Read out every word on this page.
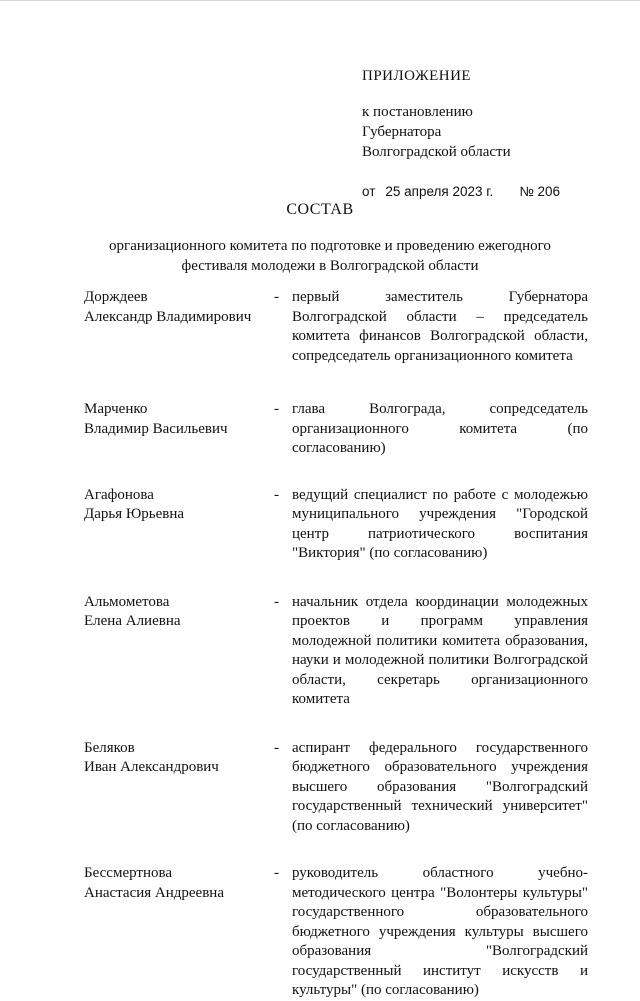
ПРИЛОЖЕНИЕ
к постановлению
Губернатора
Волгоградской области
от 25 апреля 2023 г. № 206
СОСТАВ
организационного комитета по подготовке и проведению ежегодного
фестиваля молодежи в Волгоградской области
Дорждеев
Александр Владимирович
- первый заместитель Губернатора Волгоградской области – председатель комитета финансов Волгоградской области, сопредседатель организационного комитета
Марченко
Владимир Васильевич
- глава Волгограда, сопредседатель организационного комитета (по согласованию)
Агафонова
Дарья Юрьевна
- ведущий специалист по работе с молодежью муниципального учреждения "Городской центр патриотического воспитания "Виктория" (по согласованию)
Альмометова
Елена Алиевна
- начальник отдела координации молодежных проектов и программ управления молодежной политики комитета образования, науки и молодежной политики Волгоградской области, секретарь организационного комитета
Беляков
Иван Александрович
- аспирант федерального государственного бюджетного образовательного учреждения высшего образования "Волгоградский государственный технический университет" (по согласованию)
Бессмертнова
Анастасия Андреевна
- руководитель областного учебно-методического центра "Волонтеры культуры" государственного образовательного бюджетного учреждения культуры высшего образования "Волгоградский государственный институт искусств и культуры" (по согласованию)
